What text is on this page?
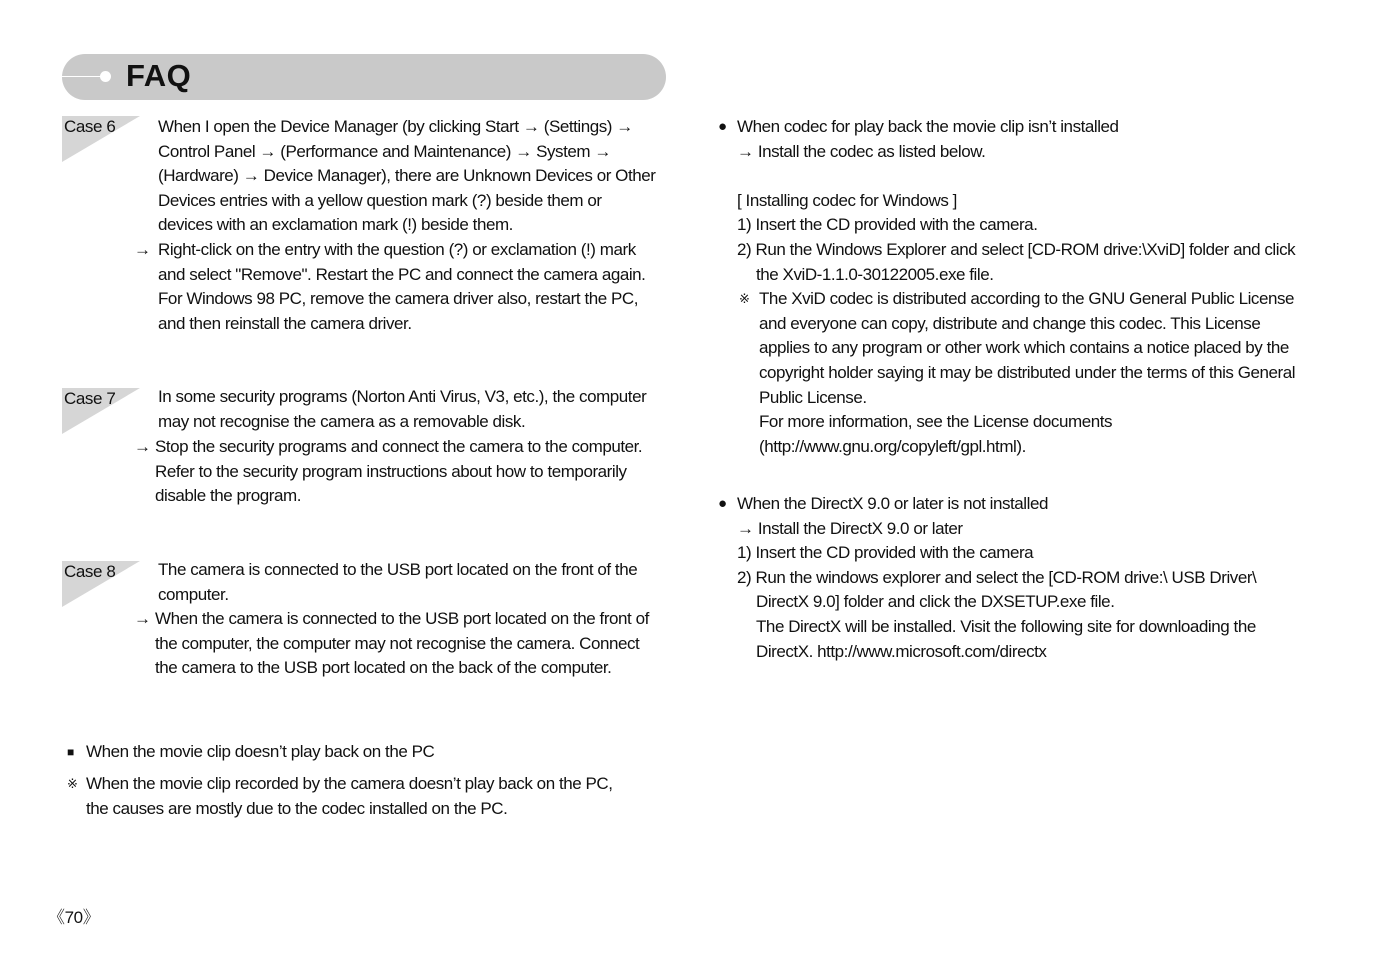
FAQ
Case 6	When I open the Device Manager (by clicking Start → (Settings) →
Control Panel → (Performance and Maintenance) → System →
(Hardware) → Device Manager), there are Unknown Devices or Other
Devices entries with a yellow question mark (?) beside them or
devices with an exclamation mark (!) beside them.
→ Right-click on the entry with the question (?) or exclamation (!) mark
and select "Remove". Restart the PC and connect the camera again.
For Windows 98 PC, remove the camera driver also, restart the PC,
and then reinstall the camera driver.
Case 7	In some security programs (Norton Anti Virus, V3, etc.), the computer
may not recognise the camera as a removable disk.
→ Stop the security programs and connect the camera to the computer.
Refer to the security program instructions about how to temporarily
disable the program.
Case 8	The camera is connected to the USB port located on the front of the
computer.
→ When the camera is connected to the USB port located on the front of
the computer, the computer may not recognise the camera. Connect
the camera to the USB port located on the back of the computer.
■ When the movie clip doesn’t play back on the PC
※ When the movie clip recorded by the camera doesn’t play back on the PC,
the causes are mostly due to the codec installed on the PC.
● When codec for play back the movie clip isn’t installed
→ Install the codec as listed below.
[ Installing codec for Windows ]
1) Insert the CD provided with the camera.
2) Run the Windows Explorer and select [CD-ROM drive:\XviD] folder and click
the XviD-1.1.0-30122005.exe file.
※ The XviD codec is distributed according to the GNU General Public License
and everyone can copy, distribute and change this codec. This License
applies to any program or other work which contains a notice placed by the
copyright holder saying it may be distributed under the terms of this General
Public License.
For more information, see the License documents
(http://www.gnu.org/copyleft/gpl.html).
● When the DirectX 9.0 or later is not installed
→ Install the DirectX 9.0 or later
1) Insert the CD provided with the camera
2) Run the windows explorer and select the [CD-ROM drive:\ USB Driver\
DirectX 9.0] folder and click the DXSETUP.exe file.
The DirectX will be installed. Visit the following site for downloading the
DirectX. http://www.microsoft.com/directx
《70》
